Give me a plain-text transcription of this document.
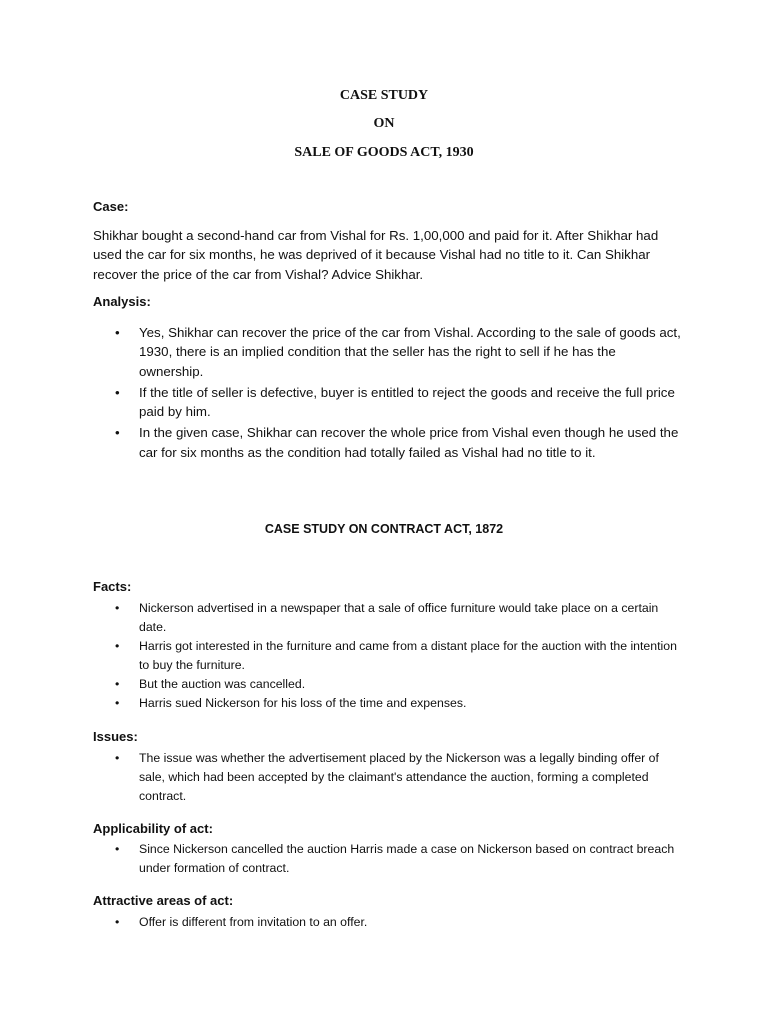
CASE STUDY
ON
SALE OF GOODS ACT, 1930
Case:
Shikhar bought a second-hand car from Vishal for Rs. 1,00,000 and paid for it. After Shikhar had used the car for six months, he was deprived of it because Vishal had no title to it. Can Shikhar recover the price of the car from Vishal? Advice Shikhar.
Analysis:
• Yes, Shikhar can recover the price of the car from Vishal. According to the sale of goods act, 1930, there is an implied condition that the seller has the right to sell if he has the ownership.
• If the title of seller is defective, buyer is entitled to reject the goods and receive the full price paid by him.
• In the given case, Shikhar can recover the whole price from Vishal even though he used the car for six months as the condition had totally failed as Vishal had no title to it.
CASE STUDY ON CONTRACT ACT, 1872
Facts:
• Nickerson advertised in a newspaper that a sale of office furniture would take place on a certain date.
• Harris got interested in the furniture and came from a distant place for the auction with the intention to buy the furniture.
• But the auction was cancelled.
• Harris sued Nickerson for his loss of the time and expenses.
Issues:
• The issue was whether the advertisement placed by the Nickerson was a legally binding offer of sale, which had been accepted by the claimant's attendance the auction, forming a completed contract.
Applicability of act:
• Since Nickerson cancelled the auction Harris made a case on Nickerson based on contract breach under formation of contract.
Attractive areas of act:
• Offer is different from invitation to an offer.
